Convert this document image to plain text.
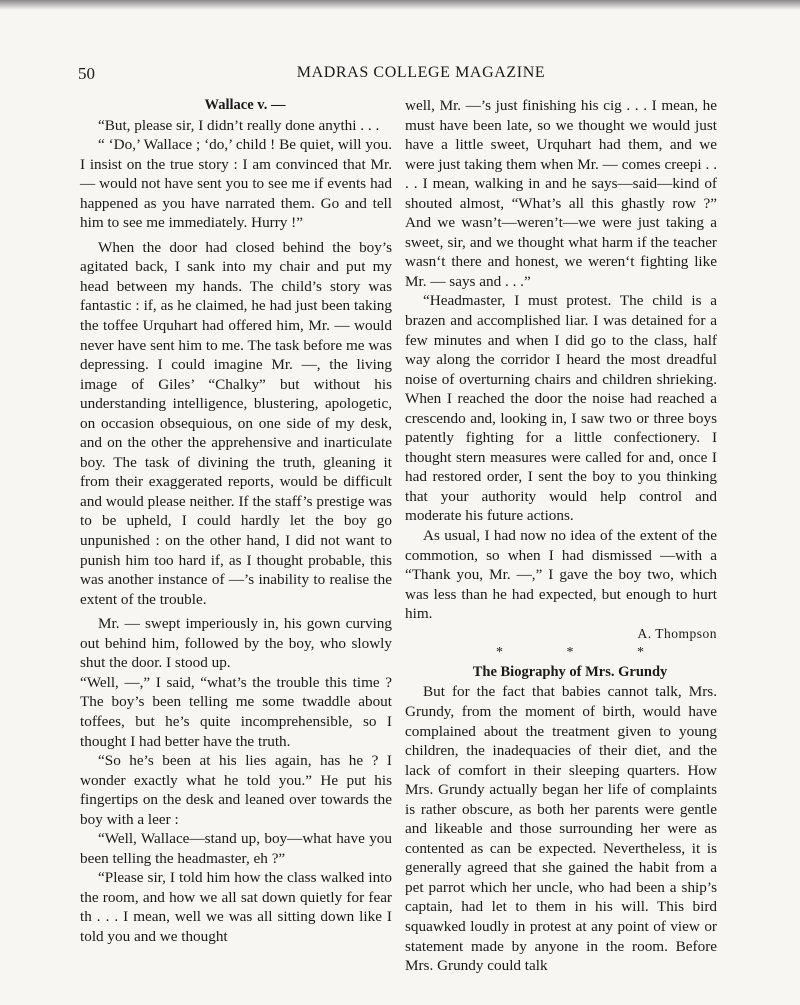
50	MADRAS COLLEGE MAGAZINE

Wallace v. —

“But, please sir, I didn’t really done anythi . . .

“ ‘Do,’ Wallace ; ‘do,’ child ! Be quiet, will you. I insist on the true story : I am convinced that Mr. — would not have sent you to see me if events had happened as you have narrated them. Go and tell him to see me immediately. Hurry !”

When the door had closed behind the boy’s agitated back, I sank into my chair and put my head between my hands. The child’s story was fantastic : if, as he claimed, he had just been taking the toffee Urquhart had offered him, Mr. — would never have sent him to me. The task before me was depressing. I could imagine Mr. —, the living image of Giles’ “Chalky” but without his understanding intelligence, blustering, apologetic, on occasion obsequious, on one side of my desk, and on the other the apprehensive and inarticulate boy. The task of divining the truth, gleaning it from their exaggerated reports, would be difficult and would please neither. If the staff’s prestige was to be upheld, I could hardly let the boy go unpunished : on the other hand, I did not want to punish him too hard if, as I thought probable, this was another instance of —’s inability to realise the extent of the trouble.

Mr. — swept imperiously in, his gown curving out behind him, followed by the boy, who slowly shut the door. I stood up.

“Well, —,” I said, “what’s the trouble this time ? The boy’s been telling me some twaddle about toffees, but he’s quite incomprehensible, so I thought I had better have the truth.

“So he’s been at his lies again, has he ? I wonder exactly what he told you.” He put his fingertips on the desk and leaned over towards the boy with a leer :

“Well, Wallace—stand up, boy—what have you been telling the headmaster, eh ?”

“Please sir, I told him how the class walked into the room, and how we all sat down quietly for fear th . . . I mean, well we was all sitting down like I told you and we thought

well, Mr. —’s just finishing his cig . . . I mean, he must have been late, so we thought we would just have a little sweet, Urquhart had them, and we were just taking them when Mr. — comes creepi . . . . I mean, walking in and he says—said—kind of shouted almost, “What’s all this ghastly row ?” And we wasn’t—weren’t—we were just taking a sweet, sir, and we thought what harm if the teacher wasn‘t there and honest, we weren‘t fighting like Mr. — says and . . .”

“Headmaster, I must protest. The child is a brazen and accomplished liar. I was detained for a few minutes and when I did go to the class, half way along the corridor I heard the most dreadful noise of overturning chairs and children shrieking. When I reached the door the noise had reached a crescendo and, looking in, I saw two or three boys patently fighting for a little confectionery. I thought stern measures were called for and, once I had restored order, I sent the boy to you thinking that your authority would help control and moderate his future actions.

As usual, I had now no idea of the extent of the commotion, so when I had dismissed —with a “Thank you, Mr. —,” I gave the boy two, which was less than he had expected, but enough to hurt him.

A. Thompson

* * *

The Biography of Mrs. Grundy

But for the fact that babies cannot talk, Mrs. Grundy, from the moment of birth, would have complained about the treatment given to young children, the inadequacies of their diet, and the lack of comfort in their sleeping quarters. How Mrs. Grundy actually began her life of complaints is rather obscure, as both her parents were gentle and likeable and those surrounding her were as contented as can be expected. Nevertheless, it is generally agreed that she gained the habit from a pet parrot which her uncle, who had been a ship’s captain, had let to them in his will. This bird squawked loudly in protest at any point of view or statement made by anyone in the room. Before Mrs. Grundy could talk
